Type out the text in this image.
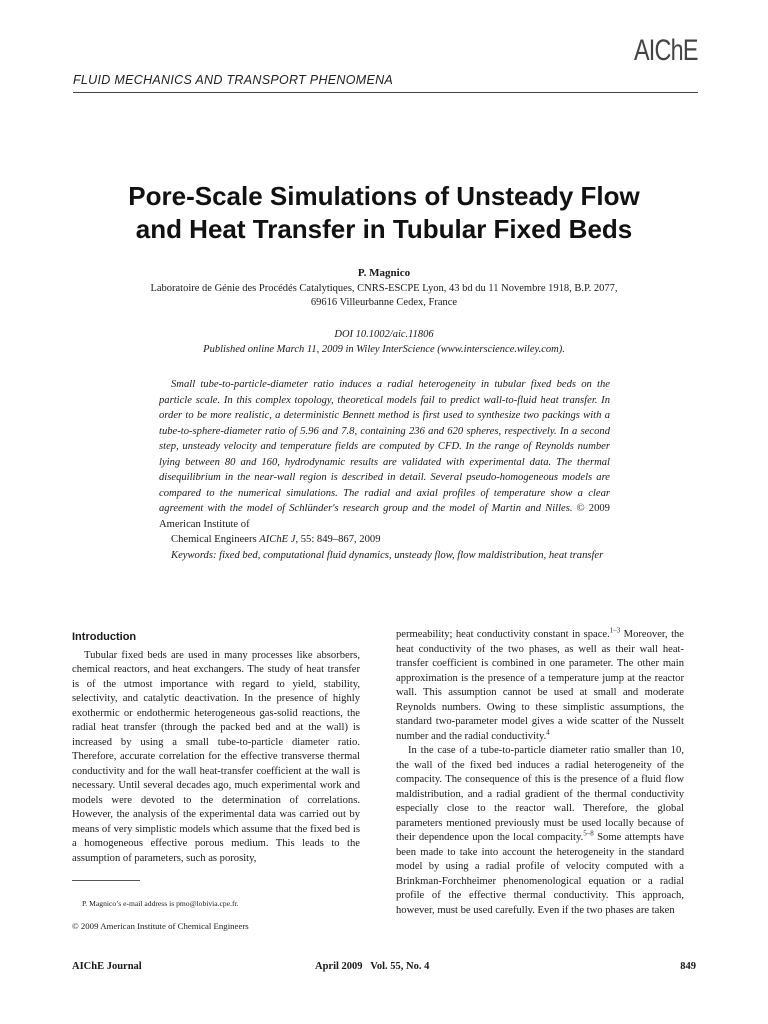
AIChE
FLUID MECHANICS AND TRANSPORT PHENOMENA
Pore-Scale Simulations of Unsteady Flow
and Heat Transfer in Tubular Fixed Beds
P. Magnico
Laboratoire de Génie des Procédés Catalytiques, CNRS-ESCPE Lyon, 43 bd du 11 Novembre 1918, B.P. 2077,
69616 Villeurbanne Cedex, France
DOI 10.1002/aic.11806
Published online March 11, 2009 in Wiley InterScience (www.interscience.wiley.com).

Small tube-to-particle-diameter ratio induces a radial heterogeneity in tubular fixed beds on the particle scale. In this complex topology, theoretical models fail to predict wall-to-fluid heat transfer. In order to be more realistic, a deterministic Bennett method is first used to synthesize two packings with a tube-to-sphere-diameter ratio of 5.96 and 7.8, containing 236 and 620 spheres, respectively. In a second step, unsteady velocity and temperature fields are computed by CFD. In the range of Reynolds number lying between 80 and 160, hydrodynamic results are validated with experimental data. The thermal disequilibrium in the near-wall region is described in detail. Several pseudo-homogeneous models are compared to the numerical simulations. The radial and axial profiles of temperature show a clear agreement with the model of Schlünder's research group and the model of Martin and Nilles. © 2009 American Institute of

Chemical Engineers AIChE J, 55: 849–867, 2009

Keywords: fixed bed, computational fluid dynamics, unsteady flow, flow maldistribution, heat transfer

Introduction

Tubular fixed beds are used in many processes like absorbers, chemical reactors, and heat exchangers. The study of heat transfer is of the utmost importance with regard to yield, stability, selectivity, and catalytic deactivation. In the presence of highly exothermic or endothermic heterogeneous gas-solid reactions, the radial heat transfer (through the packed bed and at the wall) is increased by using a small tube-to-particle diameter ratio. Therefore, accurate correlation for the effective transverse thermal conductivity and for the wall heat-transfer coefficient at the wall is necessary. Until several decades ago, much experimental work and models were devoted to the determination of correlations. However, the analysis of the experimental data was carried out by means of very simplistic models which assume that the fixed bed is a homogeneous effective porous medium. This leads to the assumption of parameters, such as porosity,

permeability; heat conductivity constant in space.$^{1-3}$ Moreover, the heat conductivity of the two phases, as well as their wall heat-transfer coefficient is combined in one parameter. The other main approximation is the presence of a temperature jump at the reactor wall. This assumption cannot be used at small and moderate Reynolds numbers. Owing to these simplistic assumptions, the standard two-parameter model gives a wide scatter of the Nusselt number and the radial conductivity.$^4$

In the case of a tube-to-particle diameter ratio smaller than 10, the wall of the fixed bed induces a radial heterogeneity of the compacity. The consequence of this is the presence of a fluid flow maldistribution, and a radial gradient of the thermal conductivity especially close to the reactor wall. Therefore, the global parameters mentioned previously must be used locally because of their dependence upon the local compacity.$^{5-8}$ Some attempts have been made to take into account the heterogeneity in the standard model by using a radial profile of velocity computed with a Brinkman-Forchheimer phenomenological equation or a radial profile of the effective thermal conductivity. This approach, however, must be used carefully. Even if the two phases are taken

P. Magnico’s e-mail address is pmo@lobivia.cpe.fr.
© 2009 American Institute of Chemical Engineers
AIChE Journal	April 2009   Vol. 55, No. 4	849
